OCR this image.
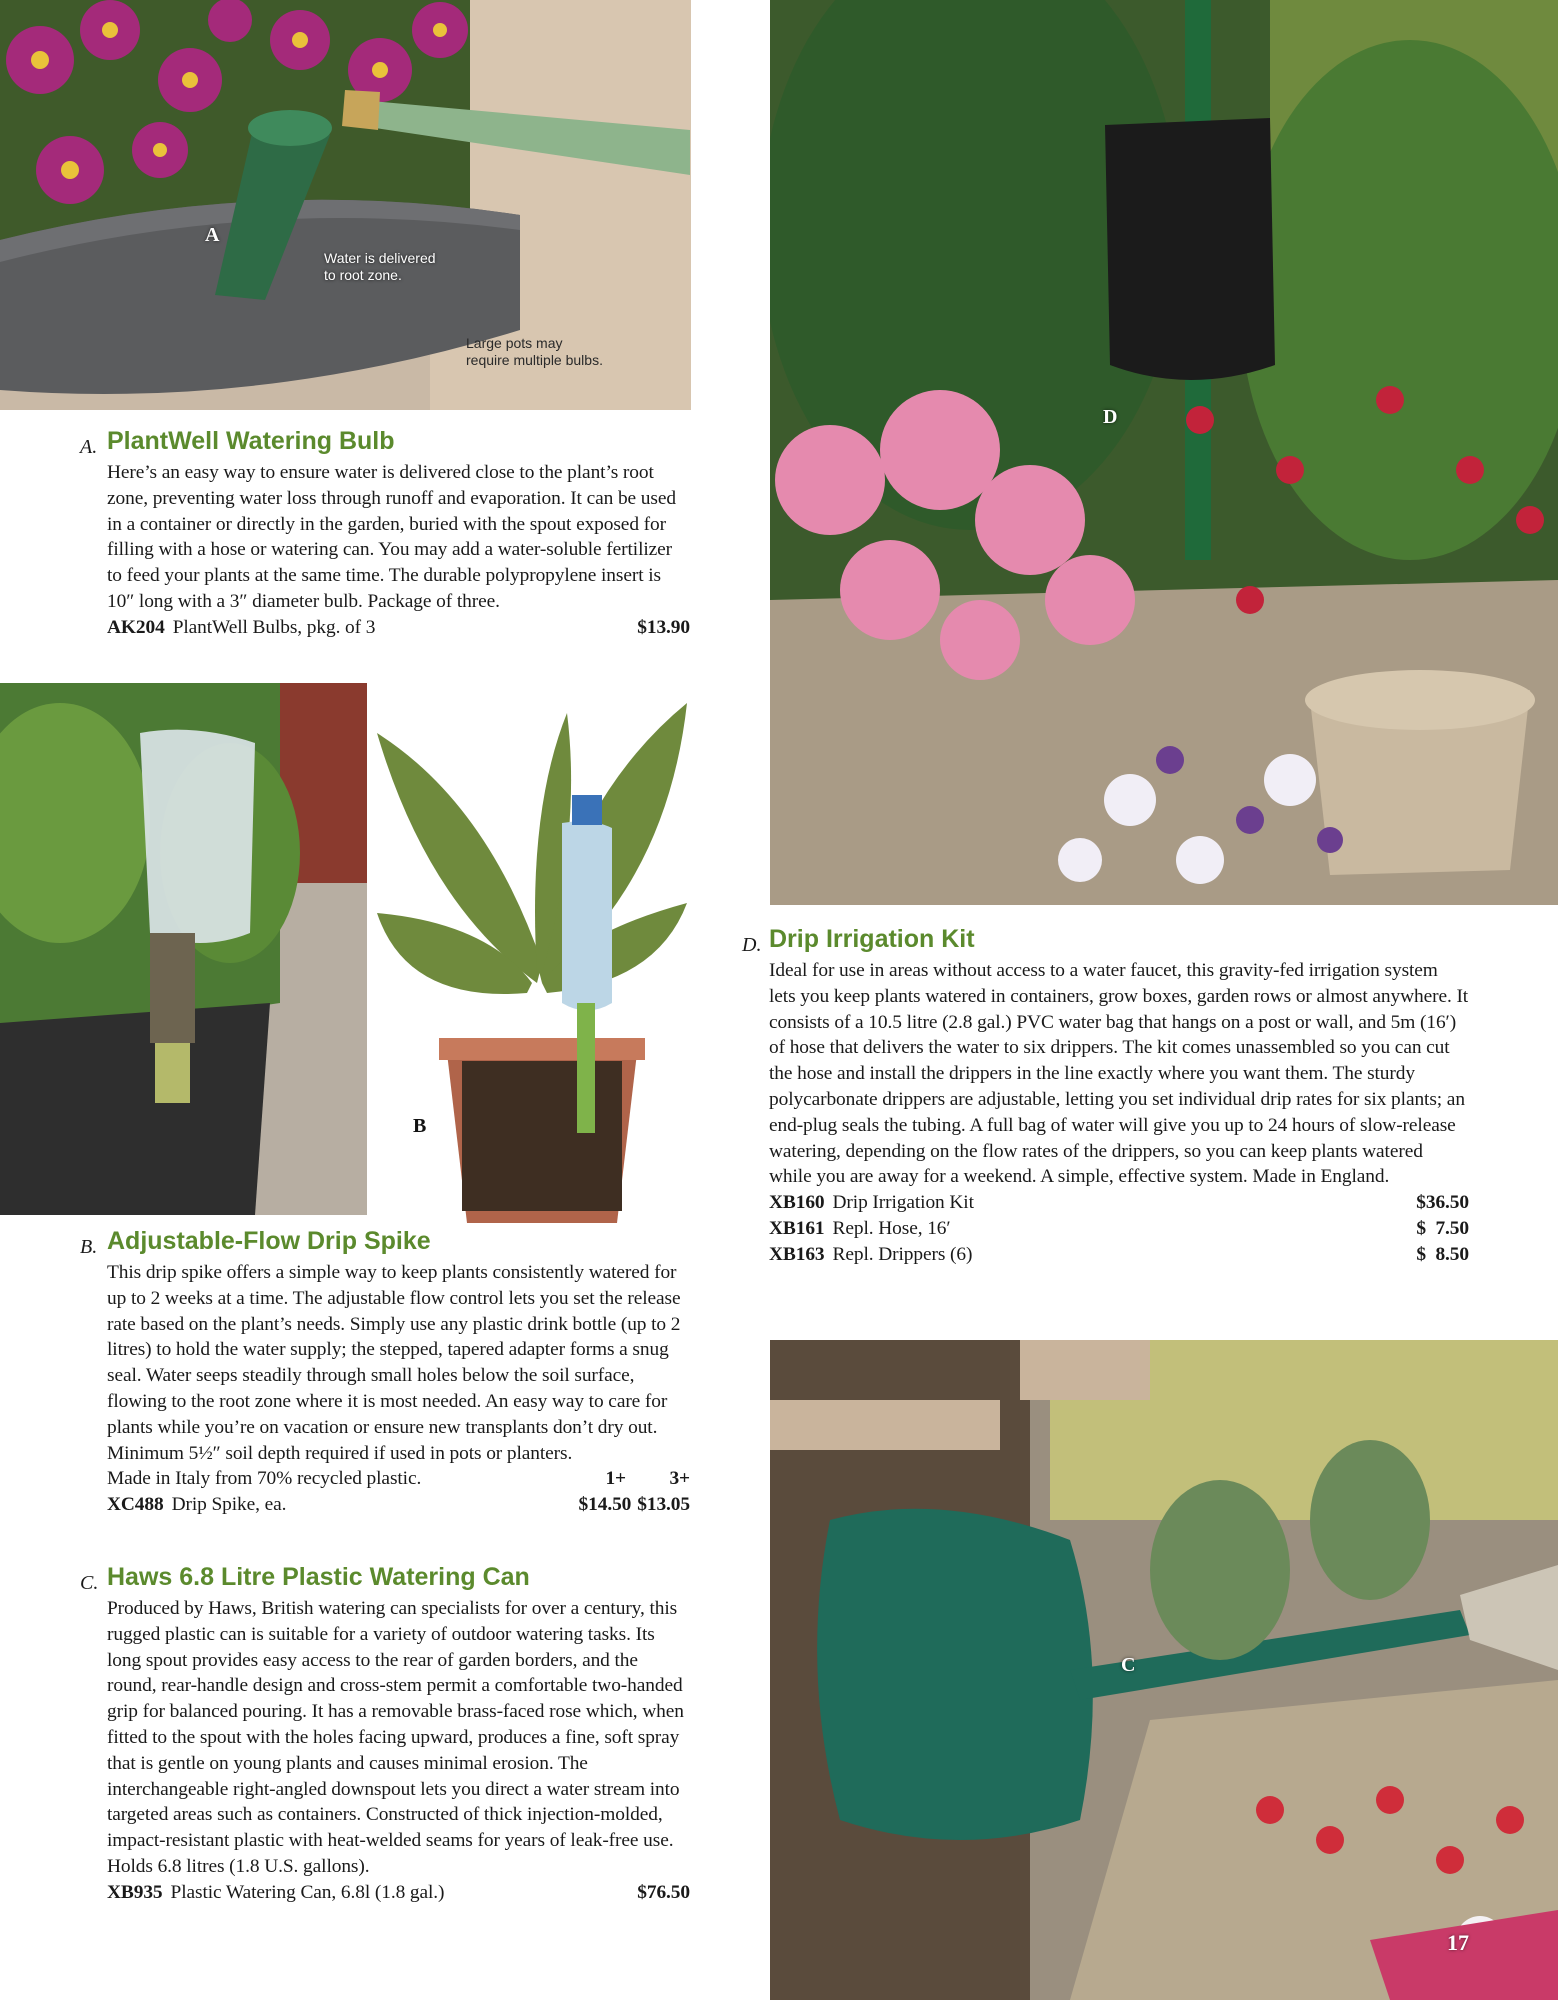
A
Water is delivered
to root zone.
Large pots may
require multiple bulbs.
D
B
C
17
A. PlantWell Watering Bulb

Here’s an easy way to ensure water is delivered close to the plant’s root zone, preventing water loss through runoff and evaporation. It can be used in a container or directly in the garden, buried with the spout exposed for filling with a hose or watering can. You may add a water-soluble fertilizer to feed your plants at the same time. The durable polypropylene insert is 10″ long with a 3″ diameter bulb. Package of three.

AK204 PlantWell Bulbs, pkg. of 3	$13.90
B. Adjustable-Flow Drip Spike

This drip spike offers a simple way to keep plants consistently watered for up to 2 weeks at a time. The adjustable flow control lets you set the release rate based on the plant’s needs. Simply use any plastic drink bottle (up to 2 litres) to hold the water supply; the stepped, tapered adapter forms a snug seal. Water seeps steadily through small holes below the soil surface, flowing to the root zone where it is most needed. An easy way to care for plants while you’re on vacation or ensure new transplants don’t dry out. Minimum 5½″ soil depth required if used in pots or planters.

Made in Italy from 70% recycled plastic.	1+	3+
XC488 Drip Spike, ea.	$14.50 $13.05
C. Haws 6.8 Litre Plastic Watering Can

Produced by Haws, British watering can specialists for over a century, this rugged plastic can is suitable for a variety of outdoor watering tasks. Its long spout provides easy access to the rear of garden borders, and the round, rear-handle design and cross-stem permit a comfortable two-handed grip for balanced pouring. It has a removable brass-faced rose which, when fitted to the spout with the holes facing upward, produces a fine, soft spray that is gentle on young plants and causes minimal erosion. The interchangeable right-angled downspout lets you direct a water stream into targeted areas such as containers. Constructed of thick injection-molded, impact-resistant plastic with heat-welded seams for years of leak-free use. Holds 6.8 litres (1.8 U.S. gallons).

XB935 Plastic Watering Can, 6.8l (1.8 gal.)	$76.50
D. Drip Irrigation Kit

Ideal for use in areas without access to a water faucet, this gravity-fed irrigation system lets you keep plants watered in containers, grow boxes, garden rows or almost anywhere. It consists of a 10.5 litre (2.8 gal.) PVC water bag that hangs on a post or wall, and 5m (16′) of hose that delivers the water to six drippers. The kit comes unassembled so you can cut the hose and install the drippers in the line exactly where you want them. The sturdy polycarbonate drippers are adjustable, letting you set individual drip rates for six plants; an end-plug seals the tubing. A full bag of water will give you up to 24 hours of slow-release watering, depending on the flow rates of the drippers, so you can keep plants watered while you are away for a weekend. A simple, effective system. Made in England.

XB160 Drip Irrigation Kit	$36.50
XB161 Repl. Hose, 16′	$  7.50
XB163 Repl. Drippers (6)	$  8.50
